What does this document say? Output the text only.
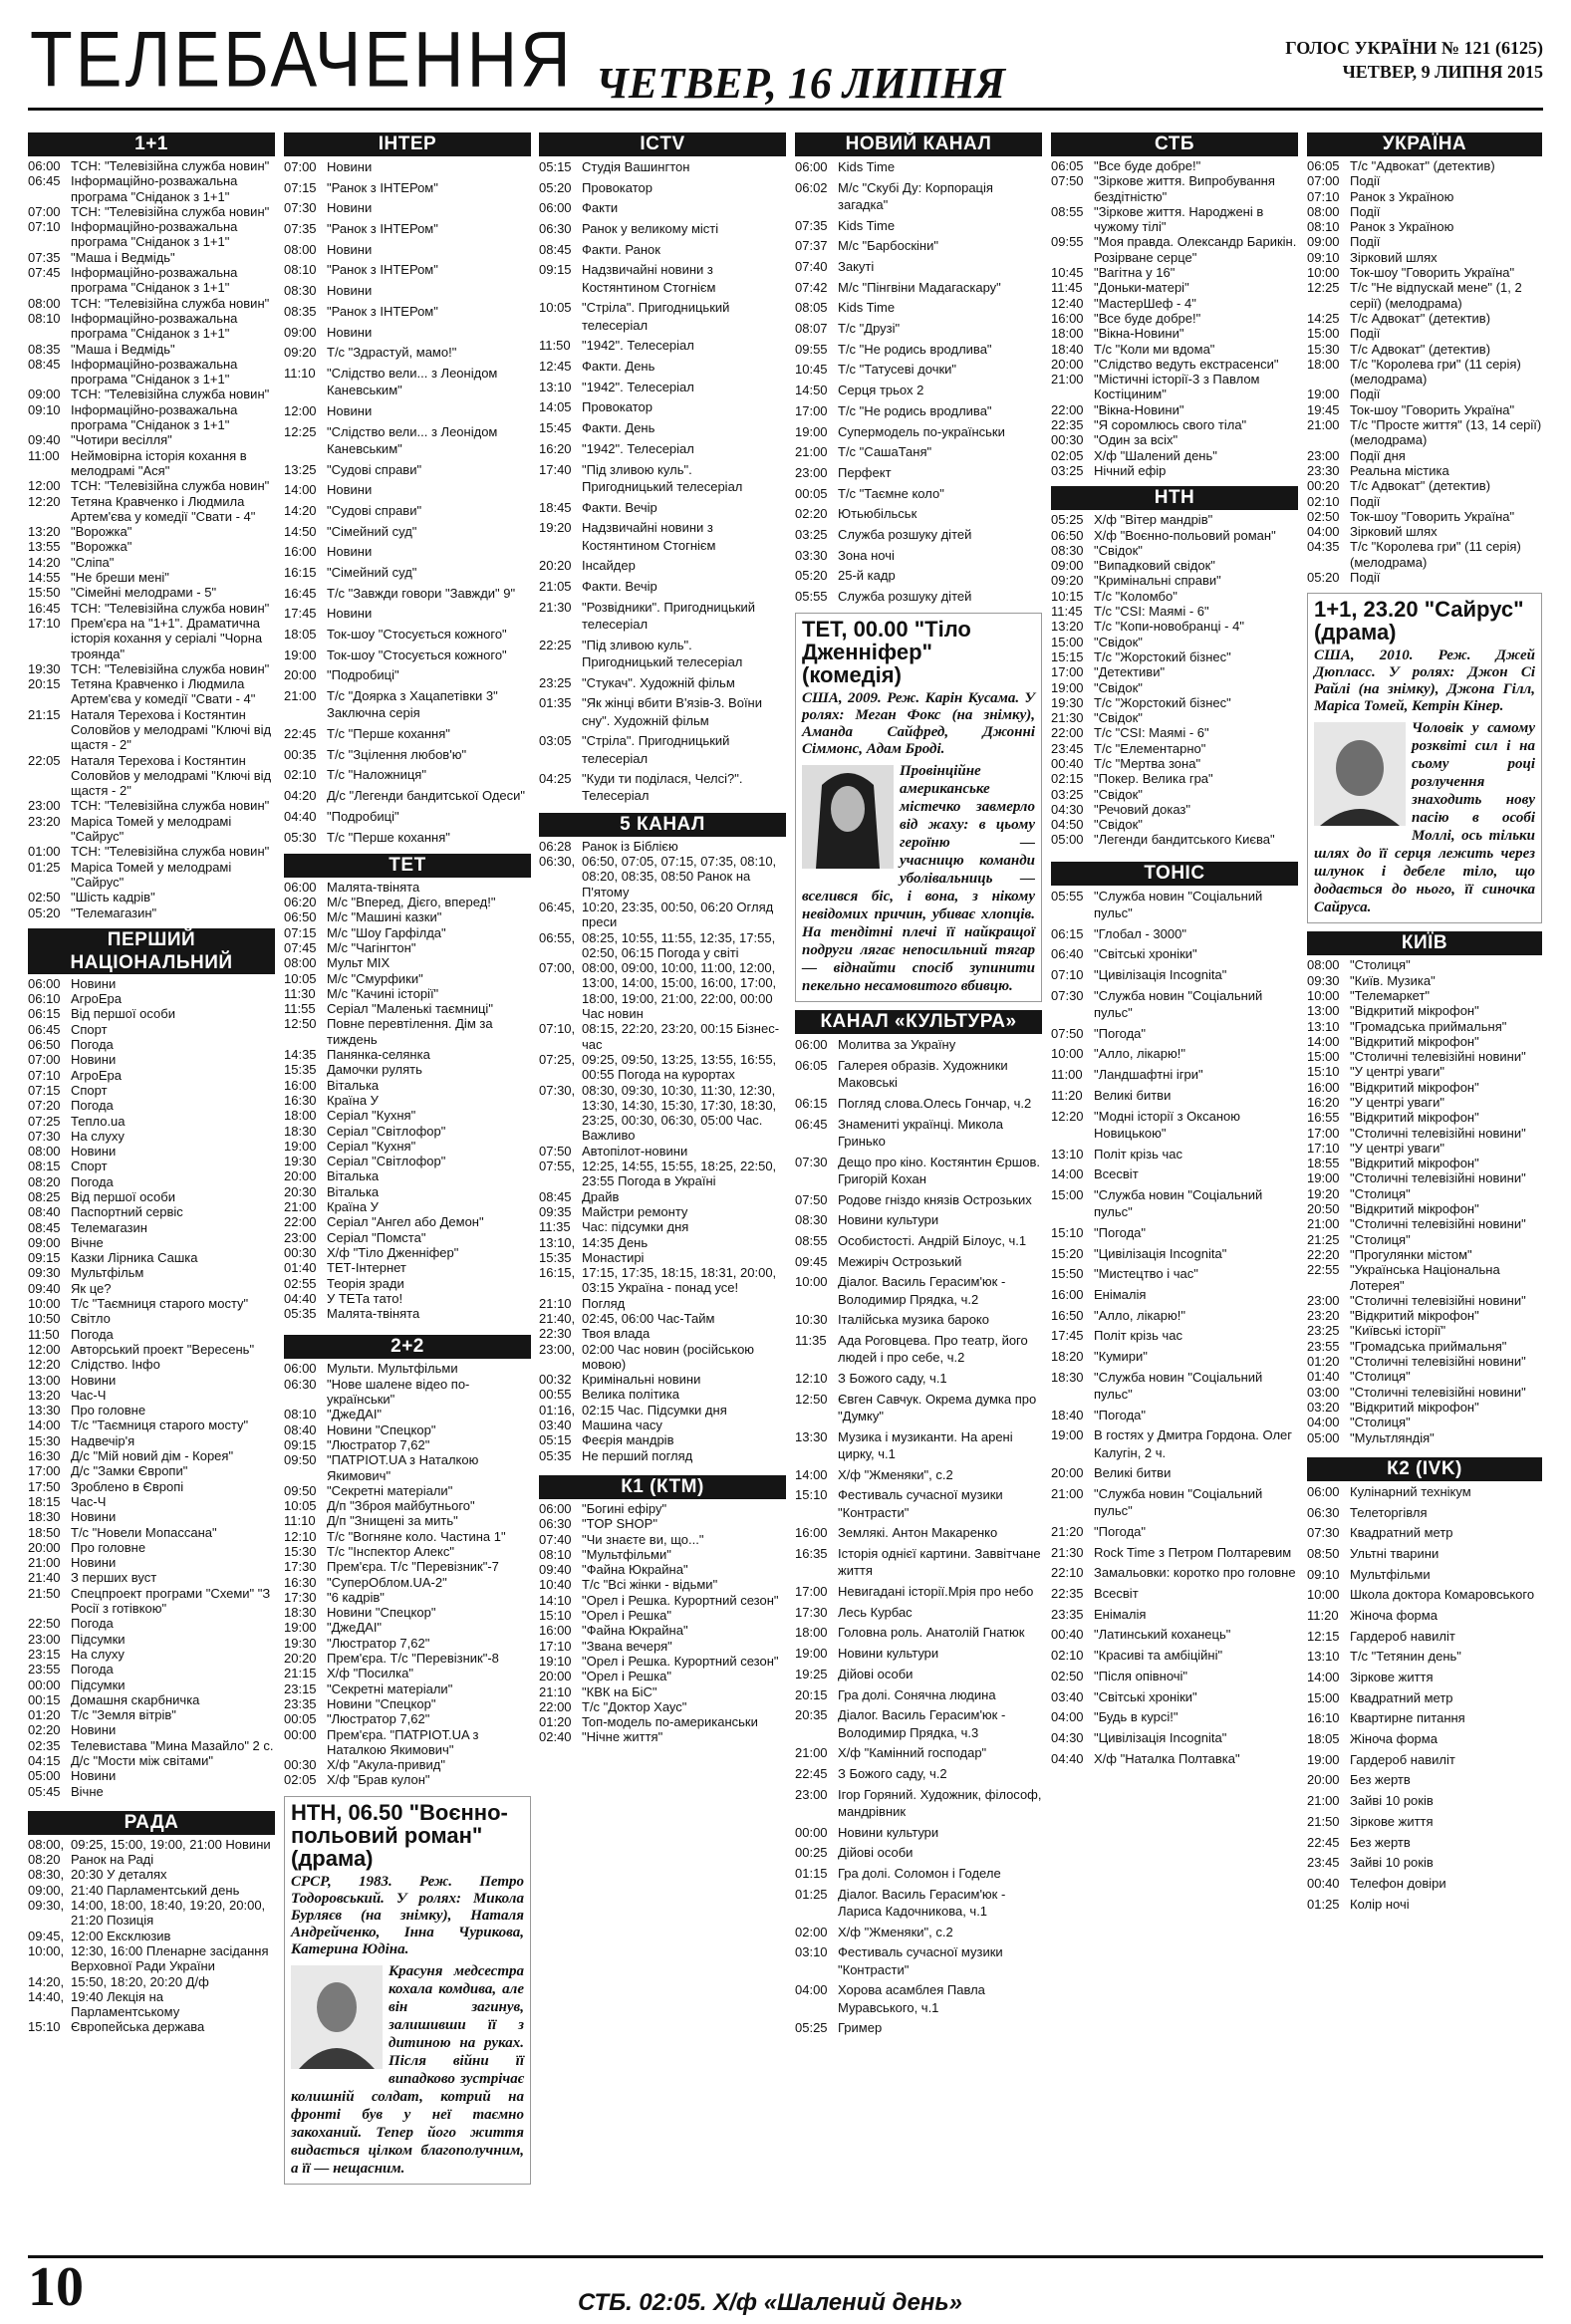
ТЕЛЕБАЧЕННЯ ЧЕТВЕР, 16 ЛИПНЯ
ГОЛОС УКРАЇНИ № 121 (6125)
ЧЕТВЕР, 9 ЛИПНЯ 2015
1+1
06:00 ТСН: "Телевізійна служба новин"
06:45 Інформаційно-розважальна програма "Сніданок з 1+1"
07:00 ТСН: "Телевізійна служба новин"
07:10 Інформаційно-розважальна програма "Сніданок з 1+1"
07:35 "Маша і Ведмідь"
07:45 Інформаційно-розважальна програма "Сніданок з 1+1"
08:00 ТСН: "Телевізійна служба новин"
08:10 Інформаційно-розважальна програма "Сніданок з 1+1"
08:35 "Маша і Ведмідь"
08:45 Інформаційно-розважальна програма "Сніданок з 1+1"
09:00 ТСН: "Телевізійна служба новин"
09:10 Інформаційно-розважальна програма "Сніданок з 1+1"
09:40 "Чотири весілля"
11:00 Неймовірна історія кохання в мелодрамі "Ася"
12:00 ТСН: "Телевізійна служба новин"
12:20 Тетяна Кравченко і Людмила Артем'єва у комедії "Свати - 4"
13:20 "Ворожка"
13:55 "Ворожка"
14:20 "Сліпа"
14:55 "Не бреши мені"
15:50 "Сімейні мелодрами - 5"
16:45 ТСН: "Телевізійна служба новин"
17:10 Прем'єра на "1+1". Драматична історія кохання у серіалі "Чорна троянда"
19:30 ТСН: "Телевізійна служба новин"
20:15 Тетяна Кравченко і Людмила Артем'єва у комедії "Свати - 4"
21:15 Наталя Терехова і Костянтин Соловйов у мелодрамі "Ключі від щастя - 2"
22:05 Наталя Терехова і Костянтин Соловйов у мелодрамі "Ключі від щастя - 2"
23:00 ТСН: "Телевізійна служба новин"
23:20 Маріса Томей у мелодрамі "Сайрус"
01:00 ТСН: "Телевізійна служба новин"
01:25 Маріса Томей у мелодрамі "Сайрус"
02:50 "Шість кадрів"
05:20 "Телемагазин"
ПЕРШИЙ НАЦІОНАЛЬНИЙ
06:00 Новини
06:10 АгроЕра
06:15 Від першої особи
06:45 Спорт
06:50 Погода
07:00 Новини
07:10 АгроЕра
07:15 Спорт
07:20 Погода
07:25 Тепло.ua
07:30 На слуху
08:00 Новини
08:15 Спорт
08:20 Погода
08:25 Від першої особи
08:40 Паспортний сервіс
08:45 Телемагазин
09:00 Вічне
09:15 Казки Лірника Сашка
09:30 Мультфільм
09:40 Як це?
10:00 Т/с "Таємниця старого мосту"
10:50 Світло
11:50 Погода
12:00 Авторський проект "Вересень"
12:20 Слідство. Інфо
13:00 Новини
13:20 Час-Ч
13:30 Про головне
14:00 Т/с "Таємниця старого мосту"
15:30 Надвечір'я
16:30 Д/с "Мій новий дім - Корея"
17:00 Д/с "Замки Європи"
17:50 Зроблено в Європі
18:15 Час-Ч
18:30 Новини
18:50 Т/с "Новели Мопассана"
20:00 Про головне
21:00 Новини
21:40 З перших вуст
21:50 Спецпроект програми "Схеми" "З Росії з готівкою"
22:50 Погода
23:00 Підсумки
23:15 На слуху
23:55 Погода
00:00 Підсумки
00:15 Домашня скарбничка
01:20 Т/с "Земля вітрів"
02:20 Новини
02:35 Телевистава "Мина Мазайло" 2 с.
04:15 Д/с "Мости між світами"
05:00 Новини
05:45 Вічне
РАДА
08:00, 09:25, 15:00, 19:00, 21:00 Новини
08:20 Ранок на Раді
08:30, 20:30 У деталях
09:00, 21:40 Парламентський день
09:30, 14:00, 18:00, 18:40, 19:20, 20:00, 21:20 Позиція
09:45, 12:00 Ексклюзив
10:00, 12:30, 16:00 Пленарне засідання Верховної Ради України
14:20, 15:50, 18:20, 20:20 Д/ф
14:40, 19:40 Лекція на Парламентському
15:10 Європейська держава
ІНТЕР
07:00 Новини
07:15 "Ранок з ІНТЕРом"
07:30 Новини
07:35 "Ранок з ІНТЕРом"
08:00 Новини
08:10 "Ранок з ІНТЕРом"
08:30 Новини
08:35 "Ранок з ІНТЕРом"
09:00 Новини
09:20 Т/с "Здрастуй, мамо!"
11:10 "Слідство вели... з Леонідом Каневським"
12:00 Новини
12:25 "Слідство вели... з Леонідом Каневським"
13:25 "Судові справи"
14:00 Новини
14:20 "Судові справи"
14:50 "Сімейний суд"
16:00 Новини
16:15 "Сімейний суд"
16:45 Т/с "Завжди говори "Завжди" 9"
17:45 Новини
18:05 Ток-шоу "Стосується кожного"
19:00 Ток-шоу "Стосується кожного"
20:00 "Подробиці"
21:00 Т/с "Доярка з Хацапетівки 3" Заключна серія
22:45 Т/с "Перше кохання"
00:35 Т/с "Зцілення любов'ю"
02:10 Т/с "Наложниця"
04:20 Д/с "Легенди бандитської Одеси"
04:40 "Подробиці"
05:30 Т/с "Перше кохання"
ТЕТ
06:00 Малята-твінята
06:20 М/с "Вперед, Дієго, вперед!"
06:50 М/с "Машині казки"
07:15 М/с "Шоу Гарфілда"
07:45 М/с "Чагінгтон"
08:00 Мульт MIX
10:05 М/с "Смурфики"
11:30 М/с "Качині історії"
11:55 Серіал "Маленькі таємниці"
12:50 Повне перевтілення. Дім за тиждень
14:35 Панянка-селянка
15:35 Дамочки рулять
16:00 Віталька
16:30 Країна У
18:00 Серіал "Кухня"
18:30 Серіал "Світлофор"
19:00 Серіал "Кухня"
19:30 Серіал "Світлофор"
20:00 Віталька
20:30 Віталька
21:00 Країна У
22:00 Серіал "Ангел або Демон"
23:00 Серіал "Помста"
00:30 Х/ф "Тіло Дженніфер"
01:40 ТЕТ-Інтернет
02:55 Теорія зради
04:40 У ТЕТа тато!
05:35 Малята-твінята
2+2
06:00 Мульти. Мультфільми
06:30 "Нове шалене відео по-українськи"
08:10 "ДжеДАІ"
08:40 Новини "Спецкор"
09:15 "Люстратор 7,62"
09:50 "ПАТРІОТ.UA з Наталкою Якимович"
09:50 "Секретні матеріали"
10:05 Д/п "Зброя майбутнього"
11:10 Д/п "Знищені за мить"
12:10 Т/с "Вогняне коло. Частина 1"
15:30 Т/с "Інспектор Алекс"
17:30 Прем'єра. Т/с "Перевізник"-7
16:30 "СуперОблом.UA-2"
17:30 "6 кадрів"
18:30 Новини "Спецкор"
19:00 "ДжеДАІ"
19:30 "Люстратор 7,62"
20:20 Прем'єра. Т/с "Перевізник"-8
21:15 Х/ф "Посилка"
23:15 "Секретні матеріали"
23:35 Новини "Спецкор"
00:05 "Люстратор 7,62"
00:00 Прем'єра. "ПАТРІОТ.UA з Наталкою Якимович"
00:30 Х/ф "Акула-привид"
02:05 Х/ф "Брав кулон"
НТН, 06.50 "Воєнно-польовий роман" (драма)
СРСР, 1983. Реж. Петро Тодоровський. У ролях: Микола Бурляєв (на знімку), Наталя Андрейченко, Інна Чурикова, Катерина Юдіна.
Красуня медсестра кохала комдива, але він загинув, залишивши її з дитиною на руках. Після війни її випадково зустрічає колишній солдат, котрий на фронті був у неї таємно закоханий. Тепер його життя видається цілком благополучним, а її — нещасним.
ICTV
05:15 Студія Вашингтон
05:20 Провокатор
06:00 Факти
06:30 Ранок у великому місті
08:45 Факти. Ранок
09:15 Надзвичайні новини з Костянтином Стогнієм
10:05 "Стріла". Пригодницький телесеріал
11:50 "1942". Телесеріал
12:45 Факти. День
13:10 "1942". Телесеріал
14:05 Провокатор
15:45 Факти. День
16:20 "1942". Телесеріал
17:40 "Під зливою куль". Пригодницький телесеріал
18:45 Факти. Вечір
19:20 Надзвичайні новини з Костянтином Стогнієм
20:20 Інсайдер
21:05 Факти. Вечір
21:30 "Розвідники". Пригодницький телесеріал
22:25 "Під зливою куль". Пригодницький телесеріал
23:25 "Стукач". Художній фільм
01:35 "Як жінці вбити В'язів-3. Воїни сну". Художній фільм
03:05 "Стріла". Пригодницький телесеріал
04:25 "Куди ти поділася, Челсі?". Телесеріал
5 КАНАЛ
06:28 Ранок із Біблією
06:30, 06:50, 07:05, 07:15, 07:35, 08:10, 08:20, 08:35, 08:50 Ранок на П'ятому
06:45, 10:20, 23:35, 00:50, 06:20 Огляд преси
06:55, 08:25, 10:55, 11:55, 12:35, 17:55, 02:50, 06:15 Погода у світі
07:00, 08:00, 09:00, 10:00, 11:00, 12:00, 13:00, 14:00, 15:00, 16:00, 17:00, 18:00, 19:00, 21:00, 22:00, 00:00 Час новин
07:10, 08:15, 22:20, 23:20, 00:15 Бізнес-час
07:25, 09:25, 09:50, 13:25, 13:55, 16:55, 00:55 Погода на курортах
07:30, 08:30, 09:30, 10:30, 11:30, 12:30, 13:30, 14:30, 15:30, 17:30, 18:30, 23:25, 00:30, 06:30, 05:00 Час. Важливо
07:50 Автопілот-новини
07:55, 12:25, 14:55, 15:55, 18:25, 22:50, 23:55 Погода в Україні
08:45 Драйв
09:35 Майстри ремонту
11:35 Час: підсумки дня
13:10, 14:35 День
15:35 Монастирі
16:15, 17:15, 17:35, 18:15, 18:31, 20:00, 03:15 Україна - понад усе!
21:10 Погляд
21:40, 02:45, 06:00 Час-Тайм
22:30 Твоя влада
23:00, 02:00 Час новин (російською мовою)
00:32 Кримінальні новини
00:55 Велика політика
01:16, 02:15 Час. Підсумки дня
03:40 Машина часу
05:15 Феєрія мандрів
05:35 Не перший погляд
К1 (КТМ)
06:00 "Богині ефіру"
06:30 "TOP SHOP"
07:40 "Чи знаєте ви, що..."
08:10 "Мультфільми"
09:40 "Файна Юкрайна"
10:40 Т/с "Всі жінки - відьми"
14:10 "Орел і Решка. Курортний сезон"
15:10 "Орел і Решка"
16:00 "Файна Юкрайна"
17:10 "Звана вечеря"
19:10 "Орел і Решка. Курортний сезон"
20:00 "Орел і Решка"
21:10 "КВК на БіС"
22:00 Т/с "Доктор Хаус"
01:20 Топ-модель по-американськи
02:40 "Нічне життя"
НОВИЙ КАНАЛ
06:00 Kids Time
06:02 М/с "Скубі Ду: Корпорація загадка"
07:35 Kids Time
07:37 М/с "Барбоскіни"
07:40 Закуті
07:42 М/с "Пінгвіни Мадагаскару"
08:05 Kids Time
08:07 Т/с "Друзі"
09:55 Т/с "Не родись вродлива"
10:45 Т/с "Татусеві дочки"
14:50 Серця трьох 2
17:00 Т/с "Не родись вродлива"
19:00 Супермодель по-українськи
21:00 Т/с "СашаТаня"
23:00 Перфект
00:05 Т/с "Таємне коло"
02:20 Ютьюбільськ
03:25 Служба розшуку дітей
03:30 Зона ночі
05:20 25-й кадр
05:55 Служба розшуку дітей
ТЕТ, 00.00 "Тіло Дженніфер" (комедія)
США, 2009. Реж. Карін Кусама. У ролях: Меган Фокс (на знімку), Аманда Сайфред, Джонні Сіммонс, Адам Броді.
Провінційне американське містечко завмерло від жаху: в цьому героїню — учасницю команди уболівальниць — вселився біс, і вона, з нікому невідомих причин, убиває хлопців. На тендітні плечі її найкращої подруги лягає непосильний тягар — віднайти спосіб зупинити пекельно несамовитого вбивцю.
КАНАЛ «КУЛЬТУРА»
06:00 Молитва за Україну
06:05 Галерея образів. Художники Маковські
06:15 Погляд слова.Олесь Гончар, ч.2
06:45 Знамениті українці. Микола Гринько
07:30 Дещо про кіно. Костянтин Єршов. Григорій Кохан
07:50 Родове гніздо князів Острозьких
08:30 Новини культури
08:55 Особистості. Андрій Білоус, ч.1
09:45 Межиріч Острозький
10:00 Діалог. Василь Герасим'юк - Володимир Прядка, ч.2
10:30 Італійська музика бароко
11:35 Ада Роговцева. Про театр, його людей і про себе, ч.2
12:10 З Божого саду, ч.1
12:50 Євген Савчук. Окрема думка про "Думку"
13:30 Музика і музиканти. На арені цирку, ч.1
14:00 Х/ф "Жменяки", с.2
15:10 Фестиваль сучасної музики "Контрасти"
16:00 Землякі. Антон Макаренко
16:35 Історія однієї картини. Заввітчане життя
17:00 Невигадані історії.Мрія про небо
17:30 Лесь Курбас
18:00 Головна роль. Анатолій Гнатюк
19:00 Новини культури
19:25 Дійові особи
20:15 Гра долі. Сонячна людина
20:35 Діалог. Василь Герасим'юк - Володимир Прядка, ч.3
21:00 Х/ф "Камінний господар"
22:45 З Божого саду, ч.2
23:00 Ігор Горяний. Художник, філософ, мандрівник
00:00 Новини культури
00:25 Дійові особи
01:15 Гра долі. Соломон і Годеле
01:25 Діалог. Василь Герасим'юк - Лариса Кадочникова, ч.1
02:00 Х/ф "Жменяки", с.2
03:10 Фестиваль сучасної музики "Контрасти"
04:00 Хорова асамблея Павла Муравського, ч.1
05:25 Гример
СТБ
06:05 "Все буде добре!"
07:50 "Зіркове життя. Випробування бездітністю"
08:55 "Зіркове життя. Народжені в чужому тілі"
09:55 "Моя правда. Олександр Барикін. Розірване серце"
10:45 "Вагітна у 16"
11:45 "Доньки-матері"
12:40 "МастерШеф - 4"
16:00 "Все буде добре!"
18:00 "Вікна-Новини"
18:40 Т/с "Коли ми вдома"
20:00 "Слідство ведуть екстрасенси"
21:00 "Містичні історії-3 з Павлом Костіциним"
22:00 "Вікна-Новини"
22:35 "Я соромлюсь свого тіла"
00:30 "Один за всіх"
02:05 Х/ф "Шалений день"
03:25 Нічний ефір
НТН
05:25 Х/ф "Вітер мандрів"
06:50 Х/ф "Воєнно-польовий роман"
08:30 "Свідок"
09:00 "Випадковий свідок"
09:20 "Кримінальні справи"
10:15 Т/с "Коломбо"
11:45 Т/с "CSI: Маямі - 6"
13:20 Т/с "Копи-новобранці - 4"
15:00 "Свідок"
15:15 Т/с "Жорстокий бізнес"
17:00 "Детективи"
19:00 "Свідок"
19:30 Т/с "Жорстокий бізнес"
21:30 "Свідок"
22:00 Т/с "CSI: Маямі - 6"
23:45 Т/с "Елементарно"
00:40 Т/с "Мертва зона"
02:15 "Покер. Велика гра"
03:25 "Свідок"
04:30 "Речовий доказ"
04:50 "Свідок"
05:00 "Легенди бандитського Києва"
ТОНІС
05:55 "Служба новин "Соціальний пульс"
06:15 "Глобал - 3000"
06:40 "Світські хроніки"
07:10 "Цивілізація Incognita"
07:30 "Служба новин "Соціальний пульс"
07:50 "Погода"
10:00 "Алло, лікарю!"
11:00 "Ландшафтні ігри"
11:20 Великі битви
12:20 "Модні історії з Оксаною Новицькою"
13:10 Політ крізь час
14:00 Всесвіт
15:00 "Служба новин "Соціальний пульс"
15:10 "Погода"
15:20 "Цивілізація Incognita"
15:50 "Мистецтво і час"
16:00 Енімалія
16:50 "Алло, лікарю!"
17:45 Політ крізь час
18:20 "Кумири"
18:30 "Служба новин "Соціальний пульс"
18:40 "Погода"
19:00 В гостях у Дмитра Гордона. Олег Калугін, 2 ч.
20:00 Великі битви
21:00 "Служба новин "Соціальний пульс"
21:20 "Погода"
21:30 Rock Time з Петром Полтаревим
22:10 Замальовки: коротко про головне
22:35 Всесвіт
23:35 Енімалія
00:40 "Латинський коханець"
02:10 "Красиві та амбіційні"
02:50 "Після опівночі"
03:40 "Світські хроніки"
04:00 "Будь в курсі!"
04:30 "Цивілізація Incognita"
04:40 Х/ф "Наталка Полтавка"
УКРАЇНА
06:05 Т/с "Адвокат" (детектив)
07:00 Події
07:10 Ранок з Україною
08:00 Події
08:10 Ранок з Україною
09:00 Події
09:10 Зірковий шлях
10:00 Ток-шоу "Говорить Україна"
12:25 Т/с "Не відпускай мене" (1, 2 серії) (мелодрама)
14:25 Т/с Адвокат" (детектив)
15:00 Події
15:30 Т/с Адвокат" (детектив)
18:00 Т/с "Королева гри" (11 серія) (мелодрама)
19:00 Події
19:45 Ток-шоу "Говорить Україна"
21:00 Т/с "Просте життя" (13, 14 серії) (мелодрама)
23:00 Події дня
23:30 Реальна містика
00:20 Т/с Адвокат" (детектив)
02:10 Події
02:50 Ток-шоу "Говорить Україна"
04:00 Зірковий шлях
04:35 Т/с "Королева гри" (11 серія) (мелодрама)
05:20 Події
1+1, 23.20 "Сайрус" (драма)
США, 2010. Реж. Джей Дюпласс. У ролях: Джон Сі Райлі (на знімку), Джона Гілл, Маріса Томей, Кетрін Кінер.
Чоловік у самому розквіті сил і на сьому році розлучення знаходить нову пасію в особі Моллі, ось тільки шлях до її серця лежить через шлунок і дебеле тіло, що додається до нього, її синочка Сайруса.
КИЇВ
08:00 "Столиця"
09:30 "Київ. Музика"
10:00 "Телемаркет"
13:00 "Відкритий мікрофон"
13:10 "Громадська приймальня"
14:00 "Відкритий мікрофон"
15:00 "Столичні телевізійні новини"
15:10 "У центрі уваги"
16:00 "Відкритий мікрофон"
16:20 "У центрі уваги"
16:55 "Відкритий мікрофон"
17:00 "Столичні телевізійні новини"
17:10 "У центрі уваги"
18:55 "Відкритий мікрофон"
19:00 "Столичні телевізійні новини"
19:20 "Столиця"
20:50 "Відкритий мікрофон"
21:00 "Столичні телевізійні новини"
21:25 "Столиця"
22:20 "Прогулянки містом"
22:55 "Українська Національна Лотерея"
23:00 "Столичні телевізійні новини"
23:20 "Відкритий мікрофон"
23:25 "Київські історії"
23:55 "Громадська приймальня"
01:20 "Столичні телевізійні новини"
01:40 "Столиця"
03:00 "Столичні телевізійні новини"
03:20 "Відкритий мікрофон"
04:00 "Столиця"
05:00 "Мультляндія"
К2 (IVK)
06:00 Кулінарний технікум
06:30 Телеторгівля
07:30 Квадратний метр
08:50 Ультні тварини
09:10 Мультфільми
10:00 Школа доктора Комаровського
11:20 Жіноча форма
12:15 Гардероб навиліт
13:10 Т/с "Тетянин день"
14:00 Зіркове життя
15:00 Квадратний метр
16:10 Квартирне питання
18:05 Жіноча форма
19:00 Гардероб навиліт
20:00 Без жертв
21:00 Зайві 10 років
21:50 Зіркове життя
22:45 Без жертв
23:45 Зайві 10 років
00:40 Телефон довіри
01:25 Колір ночі
10	СТБ. 02:05. Х/ф «Шалений день»
